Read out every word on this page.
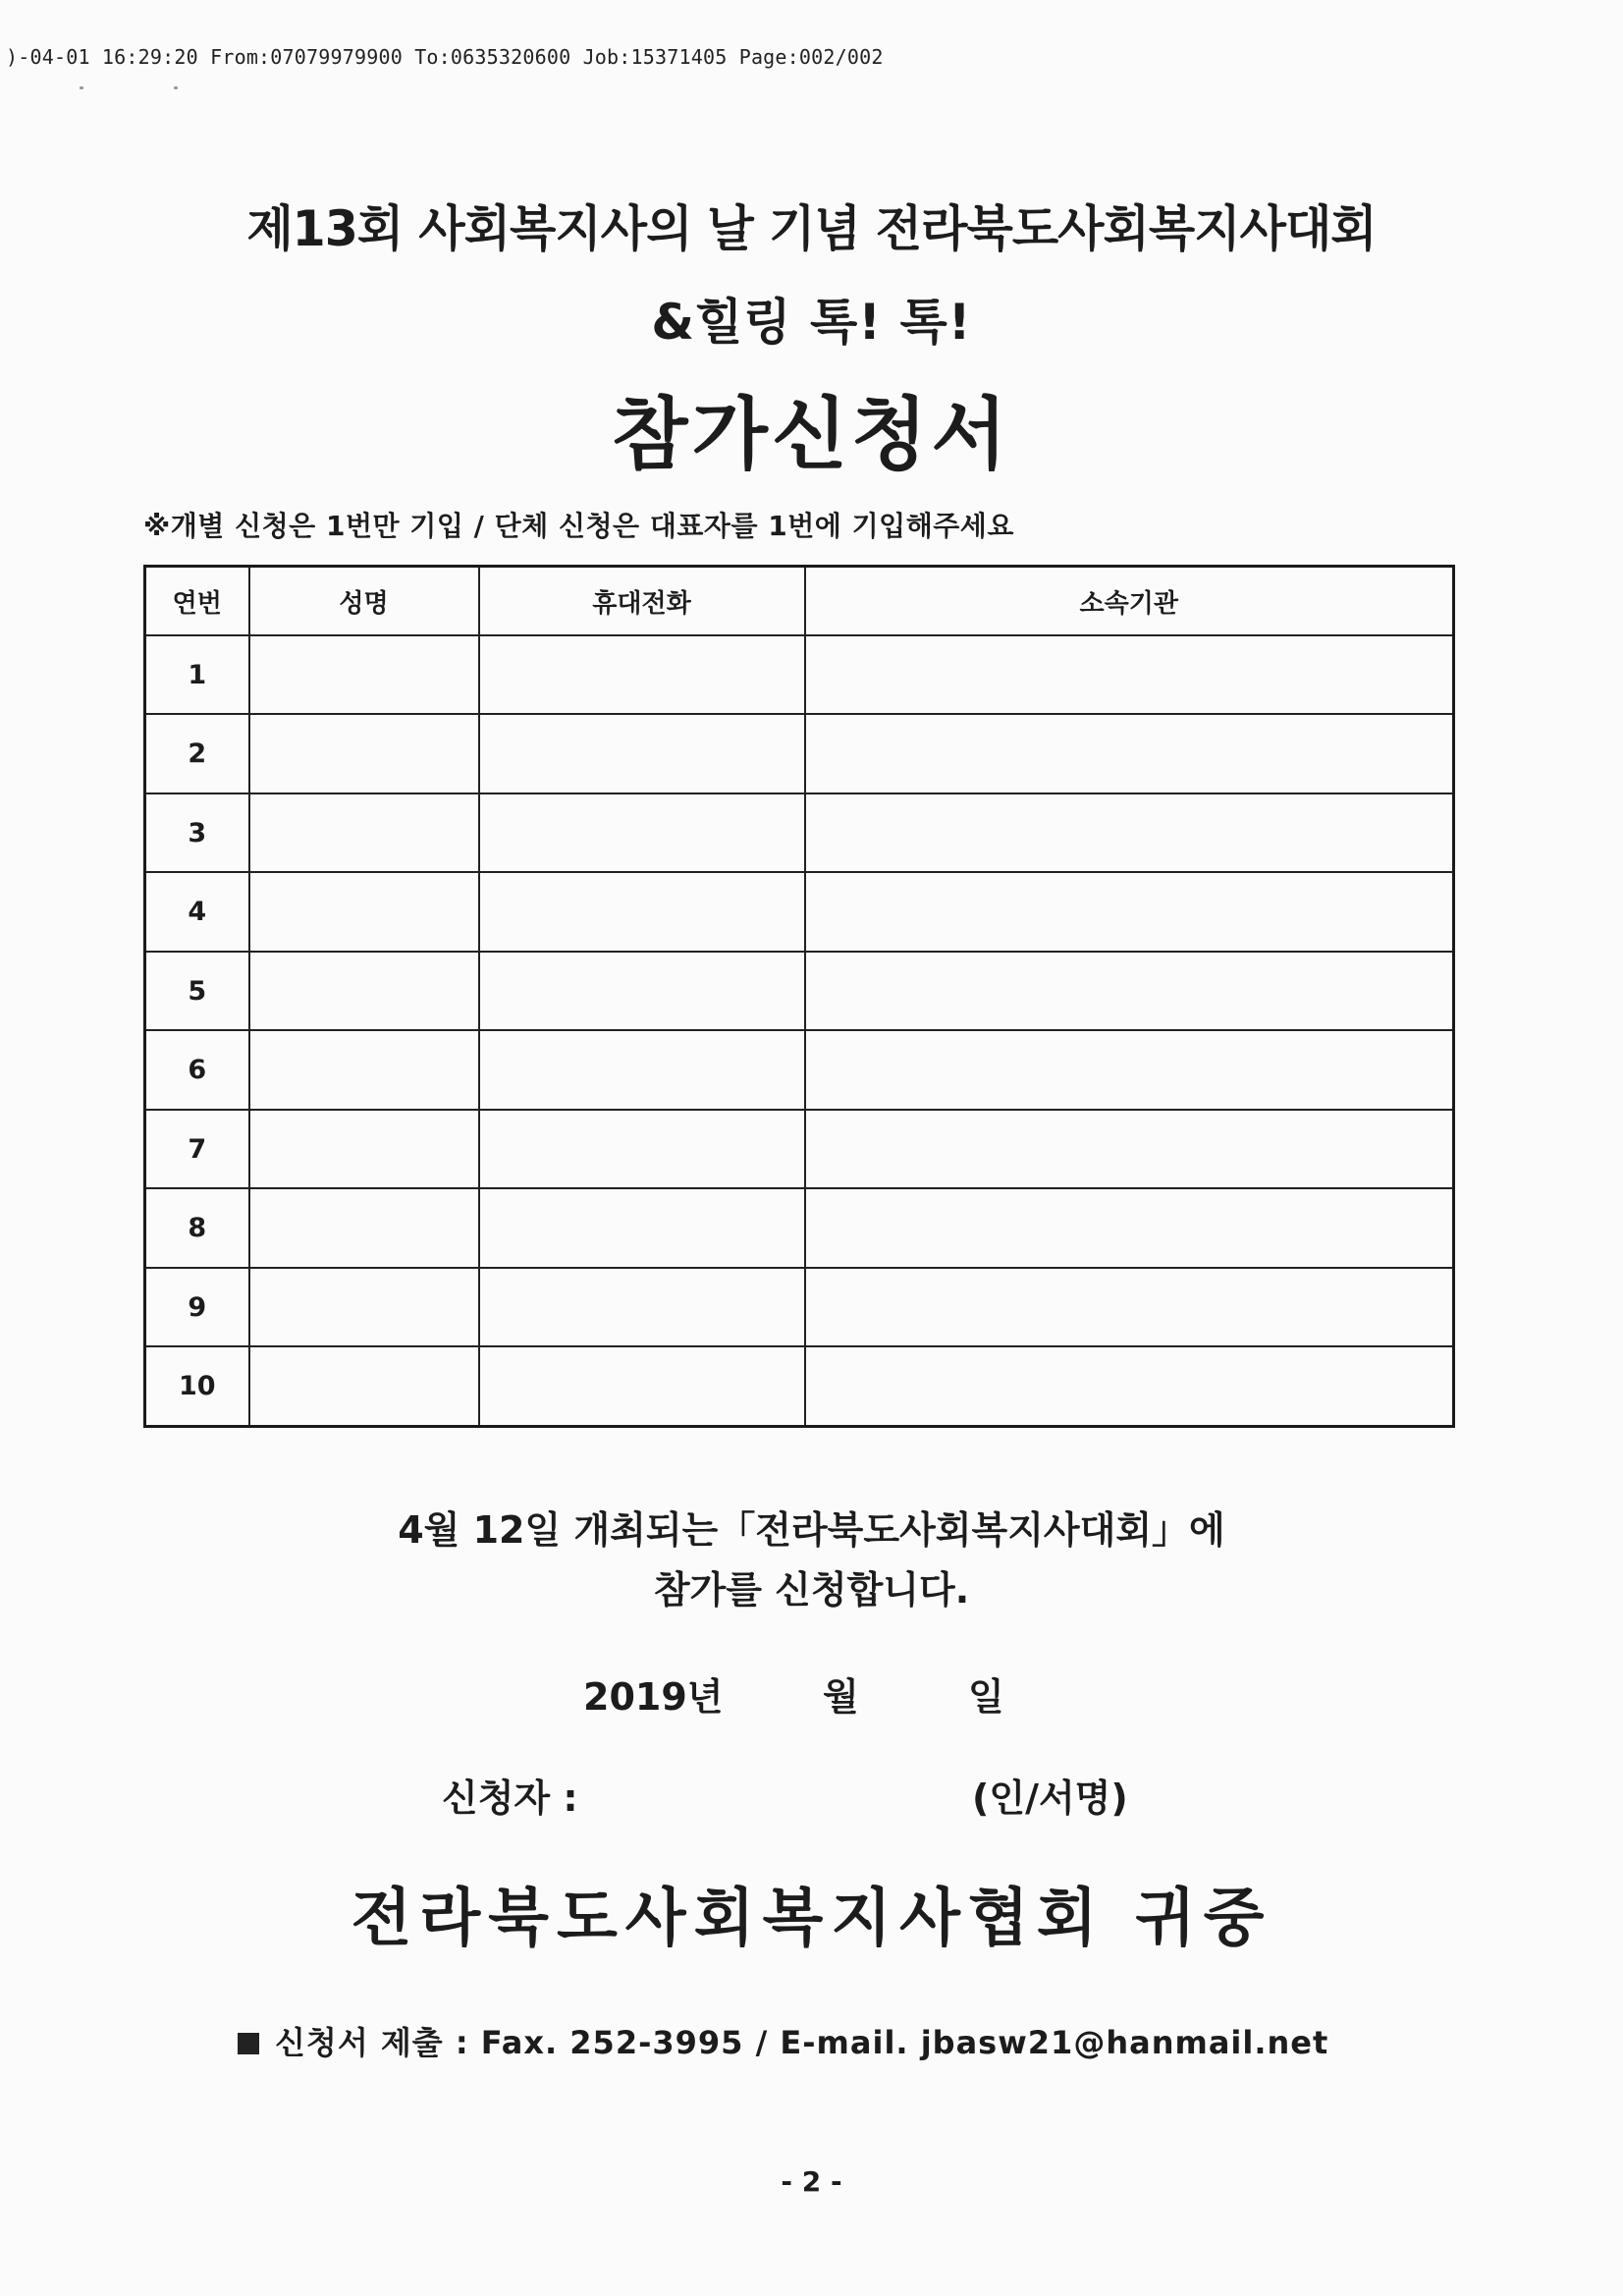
)-04-01 16:29:20 From:07079979900 To:0635320600 Job:15371405 Page:002/002
제13회 사회복지사의 날 기념 전라북도사회복지사대회
&힐링 톡! 톡!
참가신청서
※개별 신청은 1번만 기입 / 단체 신청은 대표자를 1번에 기입해주세요
연번	성명	휴대전화	소속기관
1			
2			
3			
4			
5			
6			
7			
8			
9			
10			
4월 12일 개최되는「전라북도사회복지사대회」에
참가를 신청합니다.
2019년	월	일
신청자 :	(인/서명)
전라북도사회복지사협회 귀중
신청서 제출 : Fax. 252-3995 / E-mail. jbasw21@hanmail.net
- 2 -
